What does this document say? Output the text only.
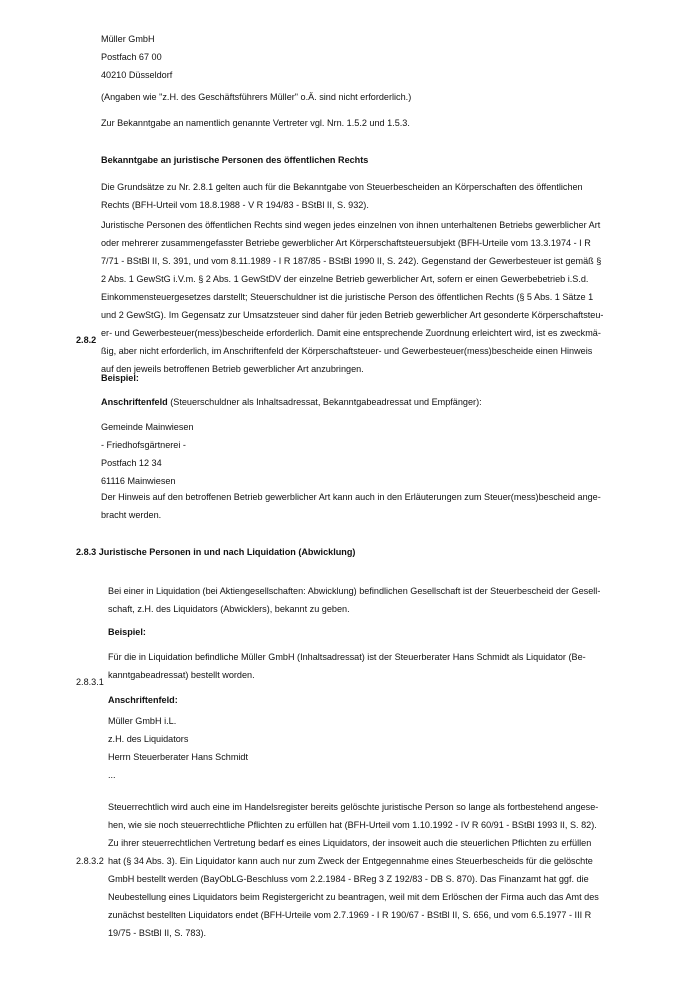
Müller GmbH
Postfach 67 00
40210 Düsseldorf
(Angaben wie "z.H. des Geschäftsführers Müller" o.Ä. sind nicht erforderlich.)
Zur Bekanntgabe an namentlich genannte Vertreter vgl. Nrn. 1.5.2 und 1.5.3.
Bekanntgabe an juristische Personen des öffentlichen Rechts
Die Grundsätze zu Nr. 2.8.1 gelten auch für die Bekanntgabe von Steuerbescheiden an Körperschaften des öffentlichen
Rechts (BFH-Urteil vom 18.8.1988 - V R 194/83 - BStBl II, S. 932).
Juristische Personen des öffentlichen Rechts sind wegen jedes einzelnen von ihnen unterhaltenen Betriebs gewerblicher Art
oder mehrerer zusammengefasster Betriebe gewerblicher Art Körperschaftsteuersubjekt (BFH-Urteile vom 13.3.1974 - I R
7/71 - BStBl II, S. 391, und vom 8.11.1989 - I R 187/85 - BStBl 1990 II, S. 242). Gegenstand der Gewerbesteuer ist gemäß §
2 Abs. 1 GewStG i.V.m. § 2 Abs. 1 GewStDV der einzelne Betrieb gewerblicher Art, sofern er einen Gewerbebetrieb i.S.d.
Einkommensteuergesetzes darstellt; Steuerschuldner ist die juristische Person des öffentlichen Rechts (§ 5 Abs. 1 Sätze 1
und 2 GewStG). Im Gegensatz zur Umsatzsteuer sind daher für jeden Betrieb gewerblicher Art gesonderte Körperschaftsteu-
er- und Gewerbesteuer(mess)bescheide erforderlich. Damit eine entsprechende Zuordnung erleichtert wird, ist es zweckmä-
ßig, aber nicht erforderlich, im Anschriftenfeld der Körperschaftsteuer- und Gewerbesteuer(mess)bescheide einen Hinweis
auf den jeweils betroffenen Betrieb gewerblicher Art anzubringen.
2.8.2
Beispiel:
Anschriftenfeld (Steuerschuldner als Inhaltsadressat, Bekanntgabeadressat und Empfänger):
Gemeinde Mainwiesen
- Friedhofsgärtnerei -
Postfach 12 34
61116 Mainwiesen
Der Hinweis auf den betroffenen Betrieb gewerblicher Art kann auch in den Erläuterungen zum Steuer(mess)bescheid ange-
bracht werden.
2.8.3 Juristische Personen in und nach Liquidation (Abwicklung)
Bei einer in Liquidation (bei Aktiengesellschaften: Abwicklung) befindlichen Gesellschaft ist der Steuerbescheid der Gesell-
schaft, z.H. des Liquidators (Abwicklers), bekannt zu geben.
Beispiel:
Für die in Liquidation befindliche Müller GmbH (Inhaltsadressat) ist der Steuerberater Hans Schmidt als Liquidator (Be-
kanntgabeadressat) bestellt worden.
2.8.3.1
Anschriftenfeld:
Müller GmbH i.L.
z.H. des Liquidators
Herrn Steuerberater Hans Schmidt
...
Steuerrechtlich wird auch eine im Handelsregister bereits gelöschte juristische Person so lange als fortbestehend angese-
hen, wie sie noch steuerrechtliche Pflichten zu erfüllen hat (BFH-Urteil vom 1.10.1992 - IV R 60/91 - BStBl 1993 II, S. 82).
Zu ihrer steuerrechtlichen Vertretung bedarf es eines Liquidators, der insoweit auch die steuerlichen Pflichten zu erfüllen
hat (§ 34 Abs. 3). Ein Liquidator kann auch nur zum Zweck der Entgegennahme eines Steuerbescheids für die gelöschte
GmbH bestellt werden (BayObLG-Beschluss vom 2.2.1984 - BReg 3 Z 192/83 - DB S. 870). Das Finanzamt hat ggf. die
Neubestellung eines Liquidators beim Registergericht zu beantragen, weil mit dem Erlöschen der Firma auch das Amt des
zunächst bestellten Liquidators endet (BFH-Urteile vom 2.7.1969 - I R 190/67 - BStBl II, S. 656, und vom 6.5.1977 - III R
19/75 - BStBl II, S. 783).
2.8.3.2
